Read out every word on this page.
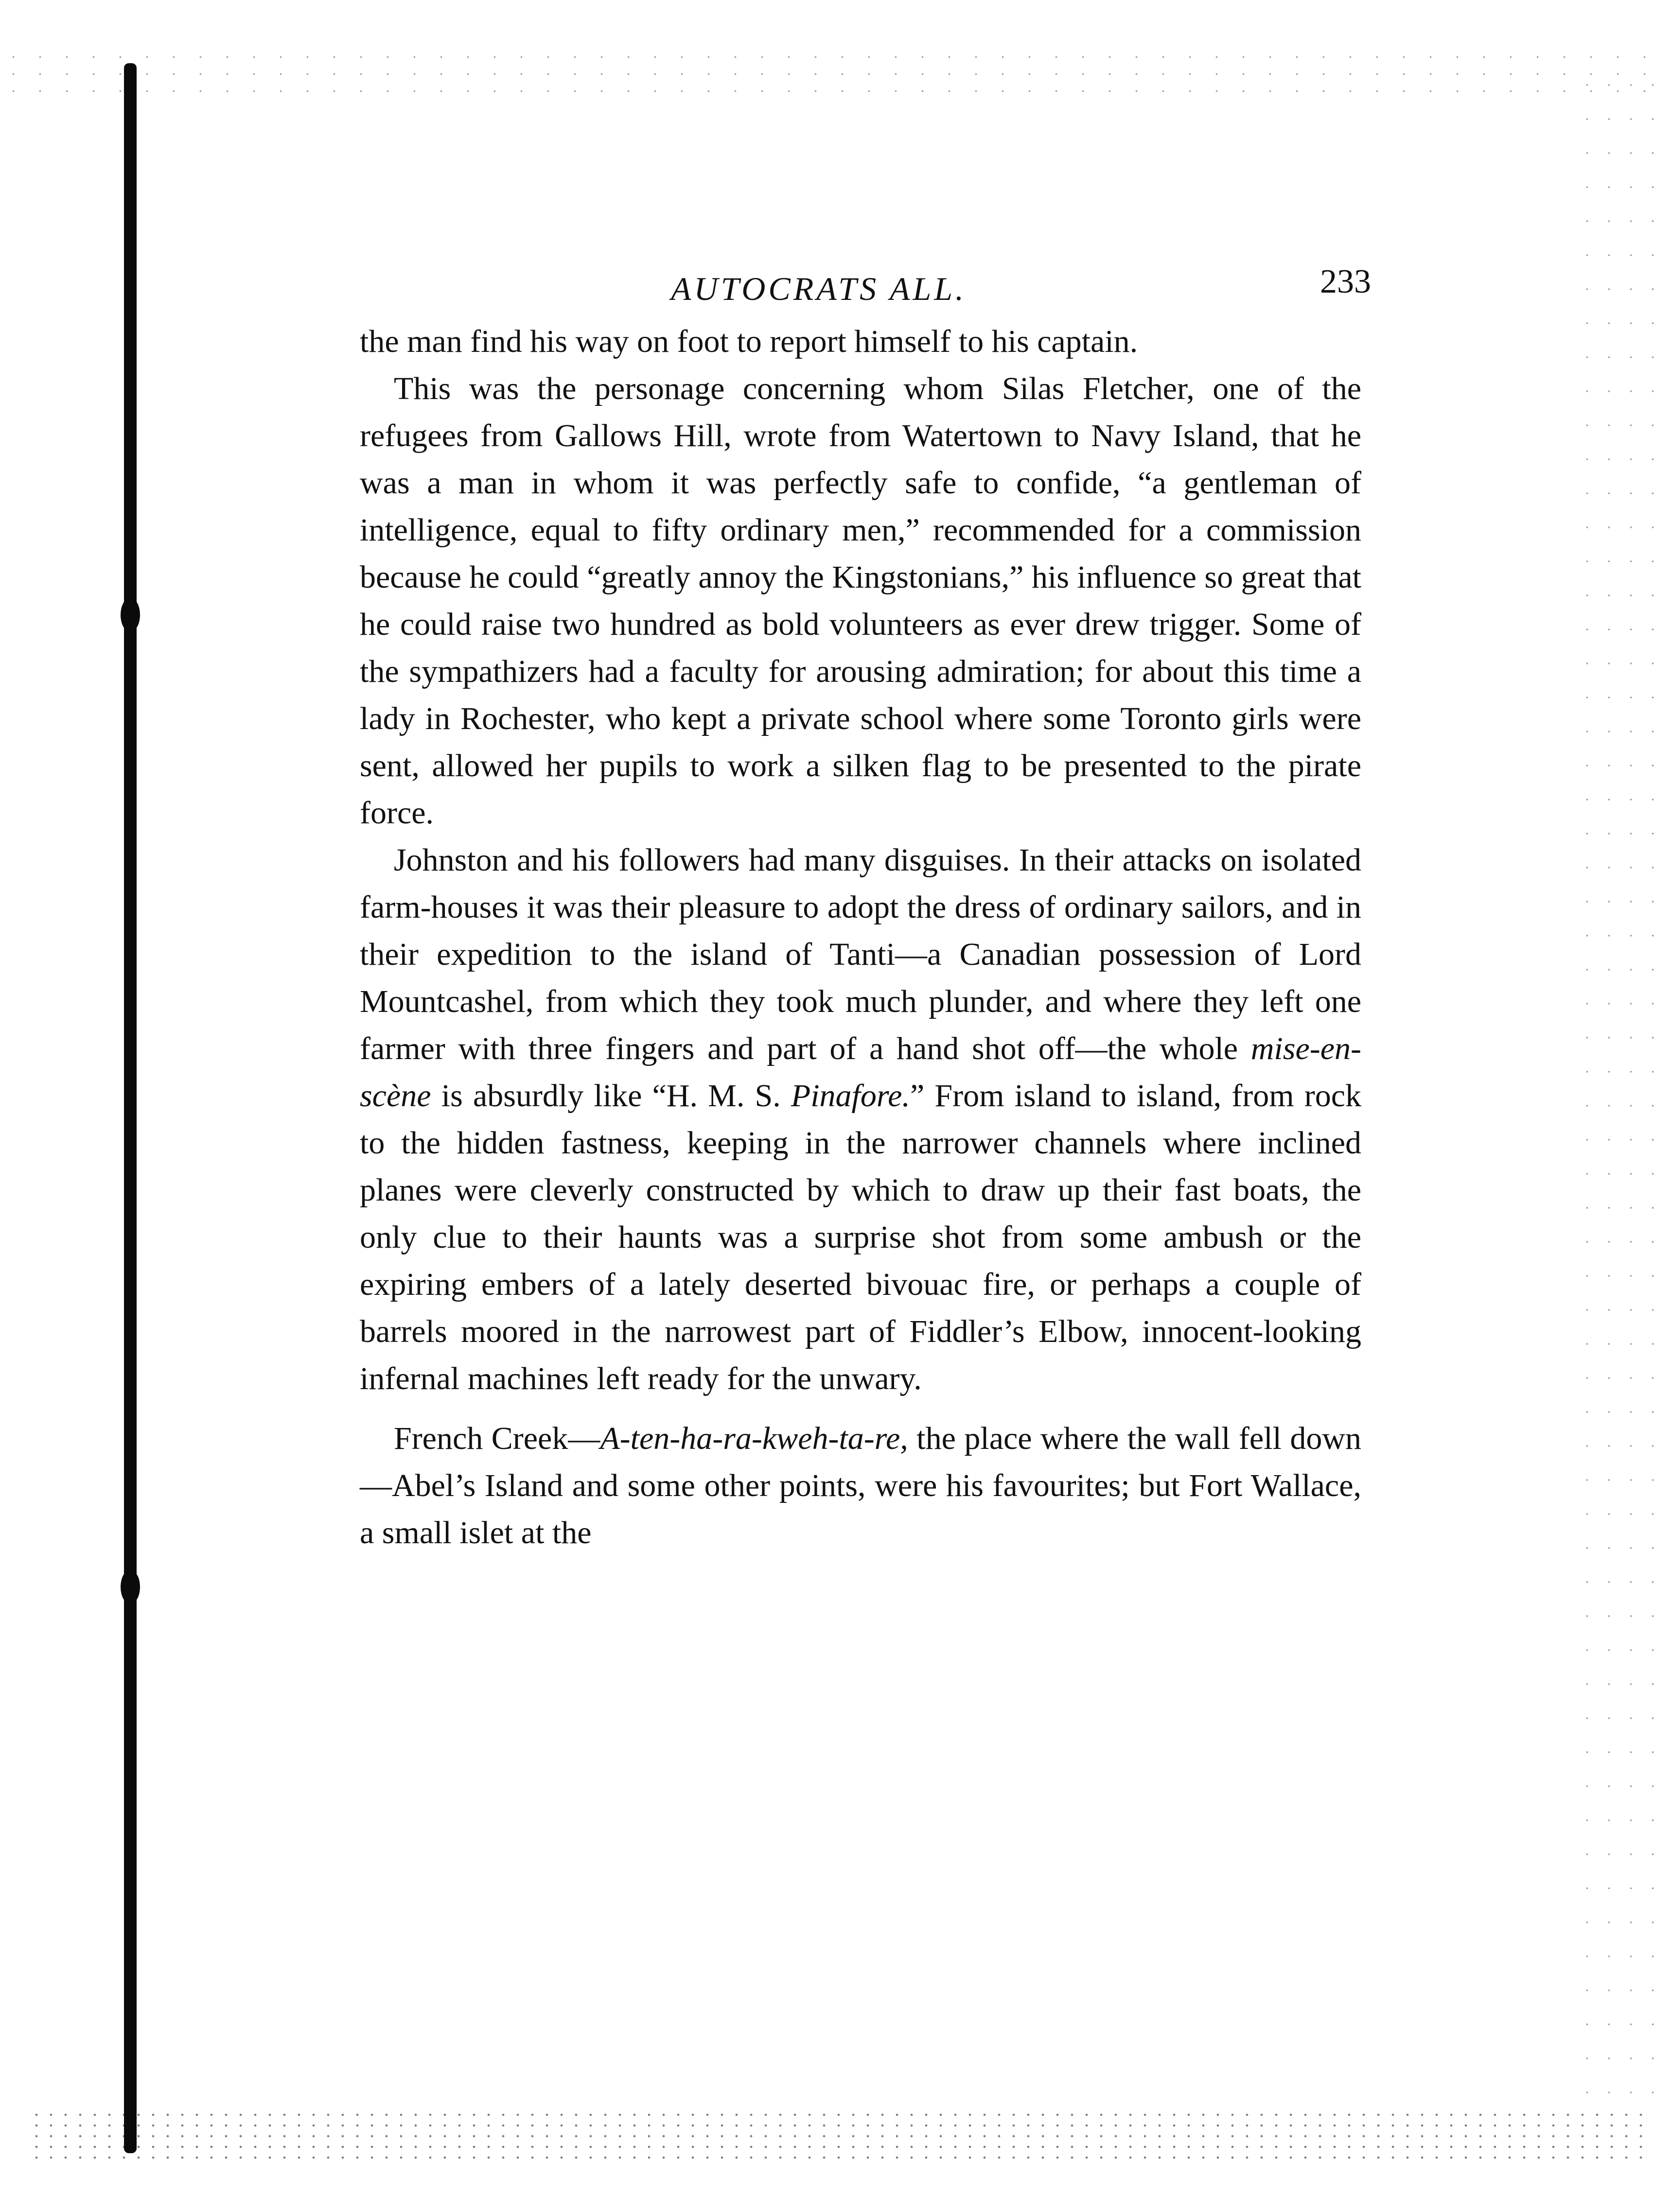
AUTOCRATS ALL.	233

the man find his way on foot to report himself to his captain.

This was the personage concerning whom Silas Fletcher, one of the refugees from Gallows Hill, wrote from Watertown to Navy Island, that he was a man in whom it was perfectly safe to confide, “a gentleman of intelligence, equal to fifty ordinary men,” recommended for a commission because he could “greatly annoy the Kingstonians,” his influence so great that he could raise two hundred as bold volunteers as ever drew trigger. Some of the sympathizers had a faculty for arousing admiration; for about this time a lady in Rochester, who kept a private school where some Toronto girls were sent, allowed her pupils to work a silken flag to be presented to the pirate force.

Johnston and his followers had many disguises. In their attacks on isolated farm-houses it was their pleasure to adopt the dress of ordinary sailors, and in their expedition to the island of Tanti—a Canadian possession of Lord Mountcashel, from which they took much plunder, and where they left one farmer with three fingers and part of a hand shot off—the whole mise-en-scène is absurdly like “H. M. S. Pinafore.” From island to island, from rock to the hidden fastness, keeping in the narrower channels where inclined planes were cleverly constructed by which to draw up their fast boats, the only clue to their haunts was a surprise shot from some ambush or the expiring embers of a lately deserted bivouac fire, or perhaps a couple of barrels moored in the narrowest part of Fiddler’s Elbow, innocent-looking infernal machines left ready for the unwary.

French Creek—A-ten-ha-ra-kweh-ta-re, the place where the wall fell down—Abel’s Island and some other points, were his favourites; but Fort Wallace, a small islet at the
